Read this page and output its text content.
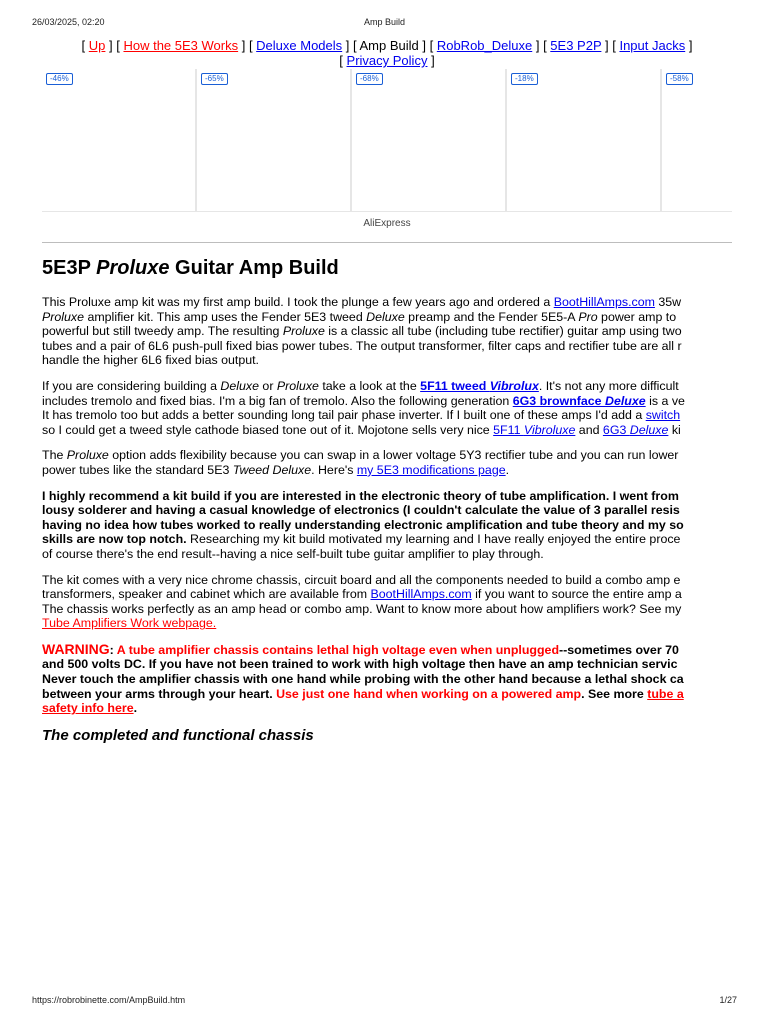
26/03/2025, 02:20	Amp Build
[ Up ] [ How the 5E3 Works ] [ Deluxe Models ] [ Amp Build ] [ RobRob_Deluxe ] [ 5E3 P2P ] [ Input Jacks ]
[ Privacy Policy ]
-46%	-65%	-68%	-18%	-58%
AliExpress
5E3P Proluxe Guitar Amp Build

This Proluxe amp kit was my first amp build. I took the plunge a few years ago and ordered a BootHillAmps.com 35w
Proluxe amplifier kit. This amp uses the Fender 5E3 tweed Deluxe preamp and the Fender 5E5-A Pro power amp to
powerful but still tweedy amp. The resulting Proluxe is a classic all tube (including tube rectifier) guitar amp using two
tubes and a pair of 6L6 push-pull fixed bias power tubes. The output transformer, filter caps and rectifier tube are all r
handle the higher 6L6 fixed bias output.

If you are considering building a Deluxe or Proluxe take a look at the 5F11 tweed Vibrolux. It's not any more difficult
includes tremolo and fixed bias. I'm a big fan of tremolo. Also the following generation 6G3 brownface Deluxe is a ve
It has tremolo too but adds a better sounding long tail pair phase inverter. If I built one of these amps I'd add a switch
so I could get a tweed style cathode biased tone out of it. Mojotone sells very nice 5F11 Vibroluxe and 6G3 Deluxe ki

The Proluxe option adds flexibility because you can swap in a lower voltage 5Y3 rectifier tube and you can run lower
power tubes like the standard 5E3 Tweed Deluxe. Here's my 5E3 modifications page.

I highly recommend a kit build if you are interested in the electronic theory of tube amplification. I went from
lousy solderer and having a casual knowledge of electronics (I couldn't calculate the value of 3 parallel resis
having no idea how tubes worked to really understanding electronic amplification and tube theory and my so
skills are now top notch. Researching my kit build motivated my learning and I have really enjoyed the entire proce
of course there's the end result--having a nice self-built tube guitar amplifier to play through.

The kit comes with a very nice chrome chassis, circuit board and all the components needed to build a combo amp e
transformers, speaker and cabinet which are available from BootHillAmps.com if you want to source the entire amp a
The chassis works perfectly as an amp head or combo amp. Want to know more about how amplifiers work? See my
Tube Amplifiers Work webpage.

WARNING: A tube amplifier chassis contains lethal high voltage even when unplugged--sometimes over 70
and 500 volts DC. If you have not been trained to work with high voltage then have an amp technician servic
Never touch the amplifier chassis with one hand while probing with the other hand because a lethal shock ca
between your arms through your heart. Use just one hand when working on a powered amp. See more tube a
safety info here.

The completed and functional chassis
https://robrobinette.com/AmpBuild.htm	1/27
